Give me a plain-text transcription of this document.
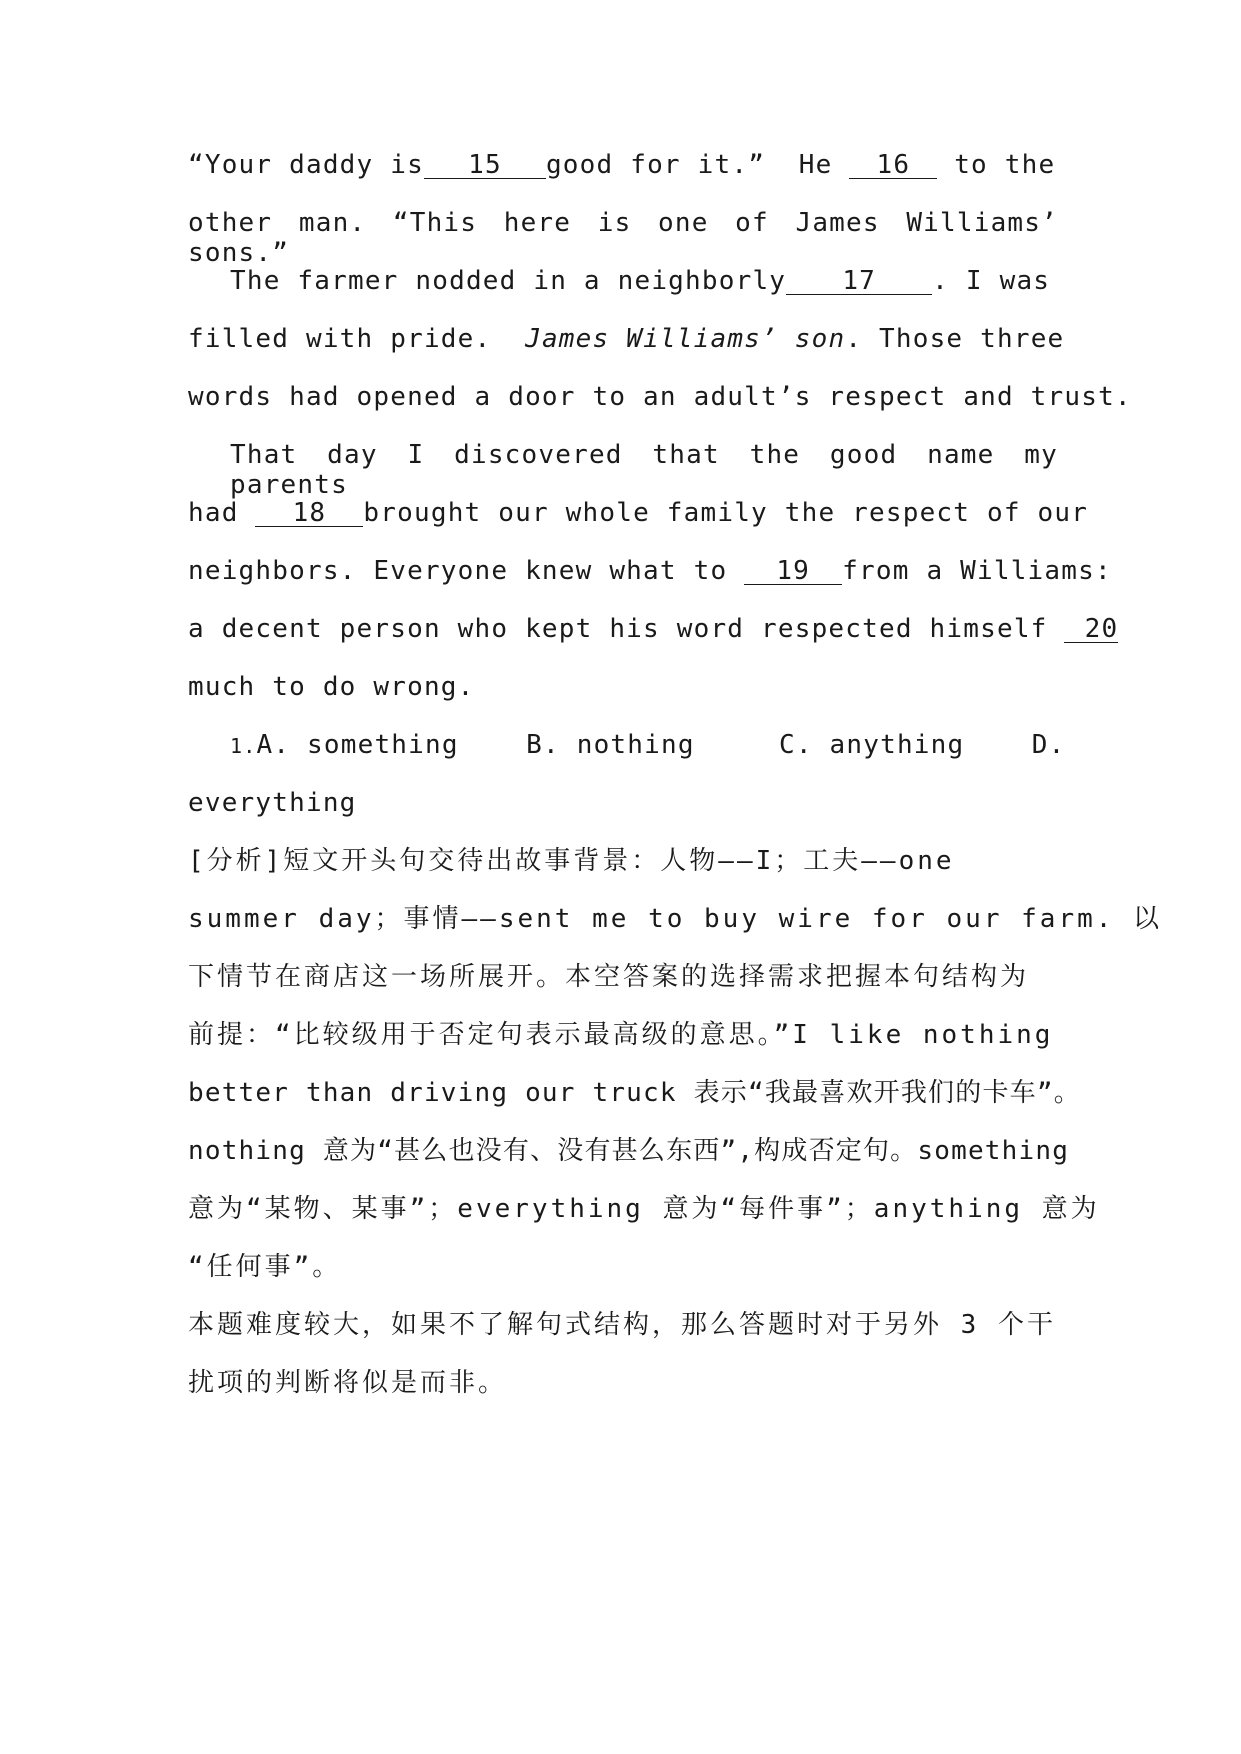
“Your daddy is 15 good for it.”  He 16 to the
other man. “This here is one of James Williams’ sons.”
The farmer nodded in a neighborly 17 . I was
filled with pride. James Williams’ son. Those three
words had opened a door to an adult’s respect and trust.
That day I discovered that the good name my parents
had 18 brought our whole family the respect of our
neighbors. Everyone knew what to 19 from a Williams:
a decent person who kept his word respected himself 20
much to do wrong.
1.A. something	B. nothing	C. anything	D.
everything
[分析]短文开头句交待出故事背景：人物——I；工夫——one
summer day；事情——sent me to buy wire for our farm. 以
下情节在商店这一场所展开。本空答案的选择需求把握本句结构为
前提：“比较级用于否定句表示最高级的意思。”I like nothing
better than driving our truck 表示“我最喜欢开我们的卡车”。
nothing 意为“甚么也没有、没有甚么东西”,构成否定句。something
意为“某物、某事”；everything 意为“每件事”；anything 意为
“任何事”。
本题难度较大，如果不了解句式结构，那么答题时对于另外 3 个干
扰项的判断将似是而非。
